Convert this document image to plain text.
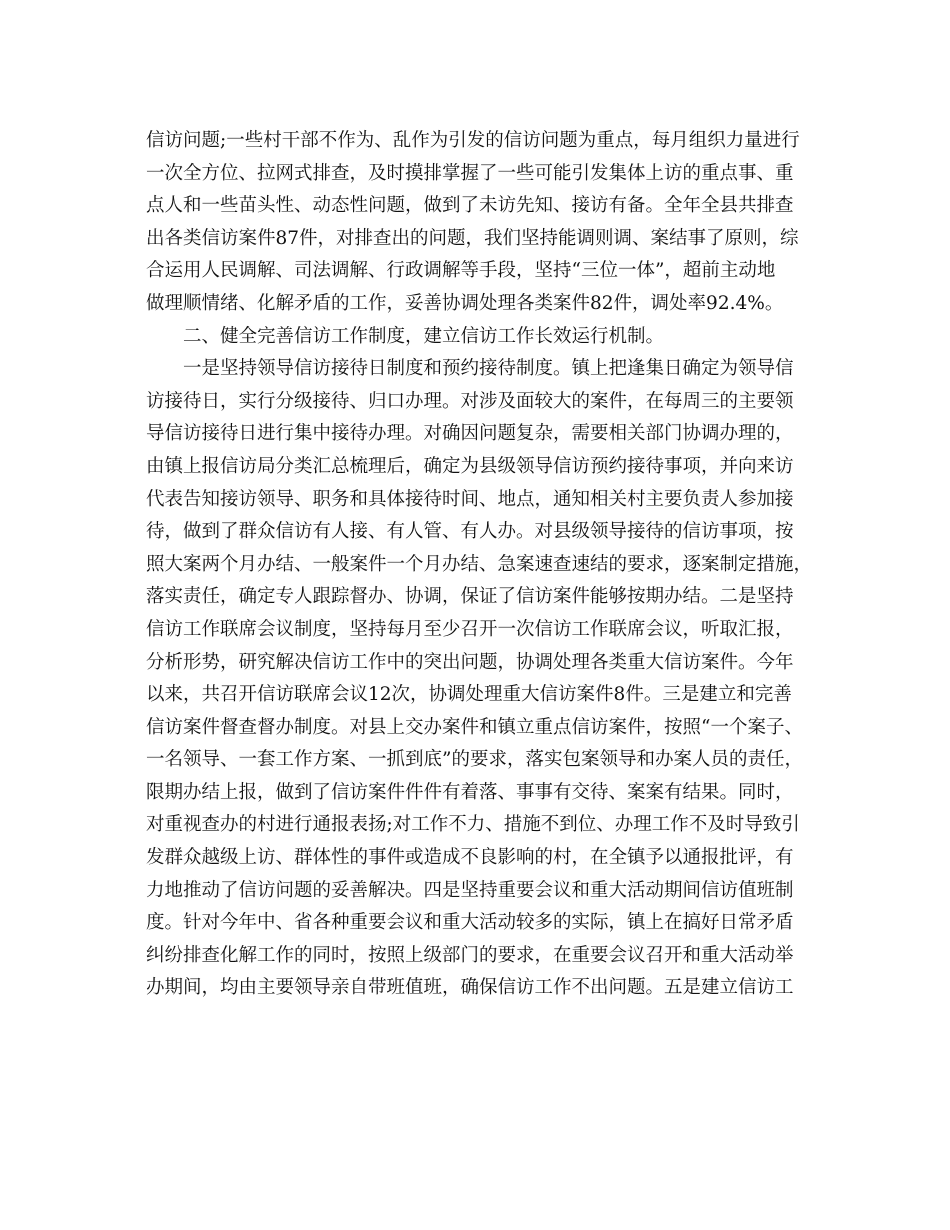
信访问题;一些村干部不作为、乱作为引发的信访问题为重点，每月组织力量进行
一次全方位、拉网式排查，及时摸排掌握了一些可能引发集体上访的重点事、重
点人和一些苗头性、动态性问题，做到了未访先知、接访有备。全年全县共排查
出各类信访案件87件，对排查出的问题，我们坚持能调则调、案结事了原则，综
合运用人民调解、司法调解、行政调解等手段，坚持“三位一体”，超前主动地
做理顺情绪、化解矛盾的工作，妥善协调处理各类案件82件，调处率92.4%。
二、健全完善信访工作制度，建立信访工作长效运行机制。
一是坚持领导信访接待日制度和预约接待制度。镇上把逢集日确定为领导信
访接待日，实行分级接待、归口办理。对涉及面较大的案件，在每周三的主要领
导信访接待日进行集中接待办理。对确因问题复杂，需要相关部门协调办理的，
由镇上报信访局分类汇总梳理后，确定为县级领导信访预约接待事项，并向来访
代表告知接访领导、职务和具体接待时间、地点，通知相关村主要负责人参加接
待，做到了群众信访有人接、有人管、有人办。对县级领导接待的信访事项，按
照大案两个月办结、一般案件一个月办结、急案速查速结的要求，逐案制定措施，
落实责任，确定专人跟踪督办、协调，保证了信访案件能够按期办结。二是坚持
信访工作联席会议制度，坚持每月至少召开一次信访工作联席会议，听取汇报，
分析形势，研究解决信访工作中的突出问题，协调处理各类重大信访案件。今年
以来，共召开信访联席会议12次，协调处理重大信访案件8件。三是建立和完善
信访案件督查督办制度。对县上交办案件和镇立重点信访案件，按照“一个案子、
一名领导、一套工作方案、一抓到底”的要求，落实包案领导和办案人员的责任，
限期办结上报，做到了信访案件件件有着落、事事有交待、案案有结果。同时，
对重视查办的村进行通报表扬;对工作不力、措施不到位、办理工作不及时导致引
发群众越级上访、群体性的事件或造成不良影响的村，在全镇予以通报批评，有
力地推动了信访问题的妥善解决。四是坚持重要会议和重大活动期间信访值班制
度。针对今年中、省各种重要会议和重大活动较多的实际，镇上在搞好日常矛盾
纠纷排查化解工作的同时，按照上级部门的要求，在重要会议召开和重大活动举
办期间，均由主要领导亲自带班值班，确保信访工作不出问题。五是建立信访工
